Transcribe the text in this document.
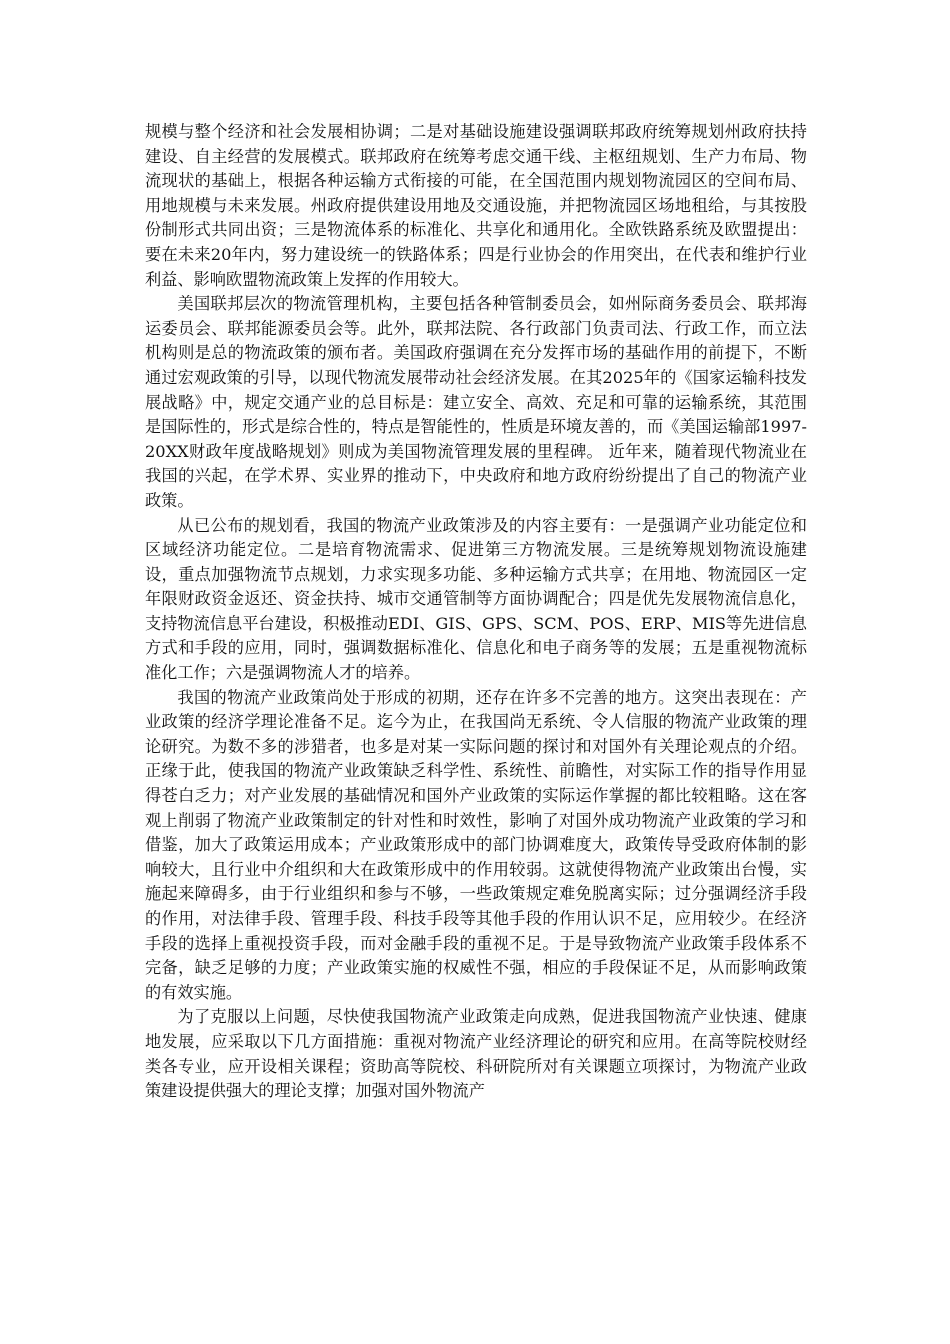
规模与整个经济和社会发展相协调；二是对基础设施建设强调联邦政府统筹规划州政府扶持建设、自主经营的发展模式。联邦政府在统筹考虑交通干线、主枢纽规划、生产力布局、物流现状的基础上，根据各种运输方式衔接的可能，在全国范围内规划物流园区的空间布局、用地规模与未来发展。州政府提供建设用地及交通设施，并把物流园区场地租给，与其按股份制形式共同出资；三是物流体系的标准化、共享化和通用化。全欧铁路系统及欧盟提出：要在未来20年内，努力建设统一的铁路体系；四是行业协会的作用突出，在代表和维护行业利益、影响欧盟物流政策上发挥的作用较大。

美国联邦层次的物流管理机构，主要包括各种管制委员会，如州际商务委员会、联邦海运委员会、联邦能源委员会等。此外，联邦法院、各行政部门负责司法、行政工作，而立法机构则是总的物流政策的颁布者。美国政府强调在充分发挥市场的基础作用的前提下，不断通过宏观政策的引导，以现代物流发展带动社会经济发展。在其2025年的《国家运输科技发展战略》中，规定交通产业的总目标是：建立安全、高效、充足和可靠的运输系统，其范围是国际性的，形式是综合性的，特点是智能性的，性质是环境友善的，而《美国运输部1997-20XX财政年度战略规划》则成为美国物流管理发展的里程碑。 近年来，随着现代物流业在我国的兴起，在学术界、实业界的推动下，中央政府和地方政府纷纷提出了自己的物流产业政策。

从已公布的规划看，我国的物流产业政策涉及的内容主要有：一是强调产业功能定位和区域经济功能定位。二是培育物流需求、促进第三方物流发展。三是统筹规划物流设施建设，重点加强物流节点规划，力求实现多功能、多种运输方式共享；在用地、物流园区一定年限财政资金返还、资金扶持、城市交通管制等方面协调配合；四是优先发展物流信息化，支持物流信息平台建设，积极推动EDI、GIS、GPS、SCM、POS、ERP、MIS等先进信息方式和手段的应用，同时，强调数据标准化、信息化和电子商务等的发展；五是重视物流标准化工作；六是强调物流人才的培养。

我国的物流产业政策尚处于形成的初期，还存在许多不完善的地方。这突出表现在：产业政策的经济学理论准备不足。迄今为止，在我国尚无系统、令人信服的物流产业政策的理论研究。为数不多的涉猎者，也多是对某一实际问题的探讨和对国外有关理论观点的介绍。正缘于此，使我国的物流产业政策缺乏科学性、系统性、前瞻性，对实际工作的指导作用显得苍白乏力；对产业发展的基础情况和国外产业政策的实际运作掌握的都比较粗略。这在客观上削弱了物流产业政策制定的针对性和时效性，影响了对国外成功物流产业政策的学习和借鉴，加大了政策运用成本；产业政策形成中的部门协调难度大，政策传导受政府体制的影响较大，且行业中介组织和大在政策形成中的作用较弱。这就使得物流产业政策出台慢，实施起来障碍多，由于行业组织和参与不够，一些政策规定难免脱离实际；过分强调经济手段的作用，对法律手段、管理手段、科技手段等其他手段的作用认识不足，应用较少。在经济手段的选择上重视投资手段，而对金融手段的重视不足。于是导致物流产业政策手段体系不完备，缺乏足够的力度；产业政策实施的权威性不强，相应的手段保证不足，从而影响政策的有效实施。

为了克服以上问题，尽快使我国物流产业政策走向成熟，促进我国物流产业快速、健康地发展，应采取以下几方面措施：重视对物流产业经济理论的研究和应用。在高等院校财经类各专业，应开设相关课程；资助高等院校、科研院所对有关课题立项探讨，为物流产业政策建设提供强大的理论支撑；加强对国外物流产
